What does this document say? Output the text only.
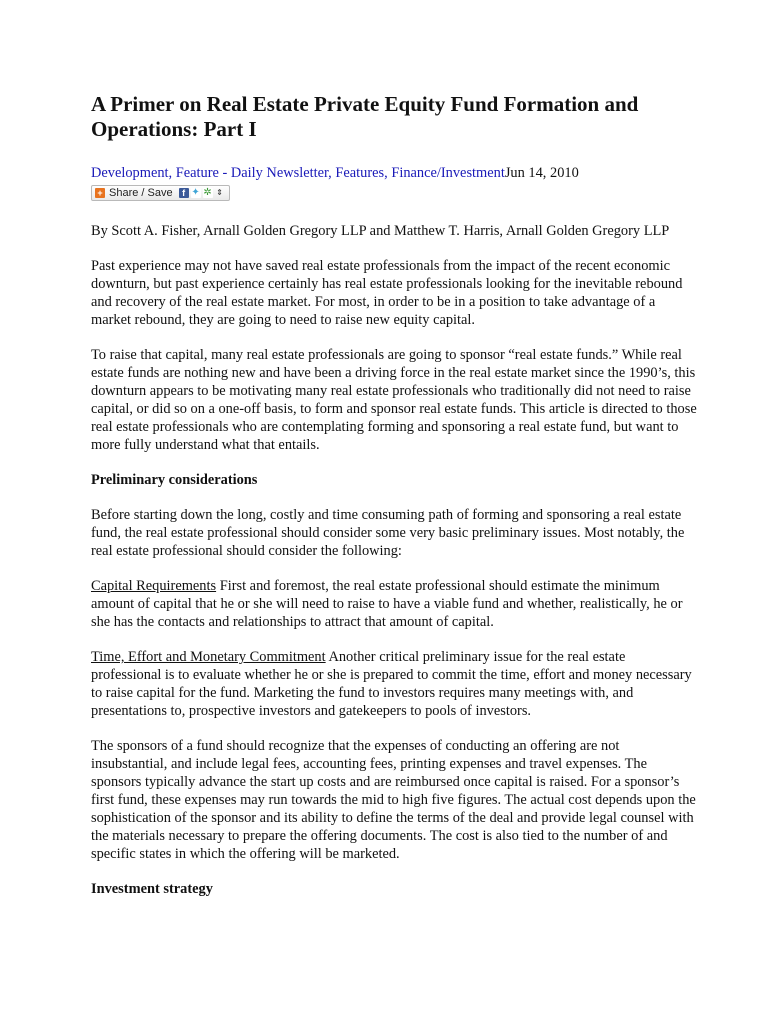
A Primer on Real Estate Private Equity Fund Formation and Operations: Part I
Development, Feature - Daily Newsletter, Features, Finance/InvestmentJun 14, 2010
+ Share / Save	f ✦ ✲ ⇕

By Scott A. Fisher, Arnall Golden Gregory LLP and Matthew T. Harris, Arnall Golden Gregory LLP

Past experience may not have saved real estate professionals from the impact of the recent economic downturn, but past experience certainly has real estate professionals looking for the inevitable rebound and recovery of the real estate market. For most, in order to be in a position to take advantage of a market rebound, they are going to need to raise new equity capital.

To raise that capital, many real estate professionals are going to sponsor “real estate funds.” While real estate funds are nothing new and have been a driving force in the real estate market since the 1990’s, this downturn appears to be motivating many real estate professionals who traditionally did not need to raise capital, or did so on a one-off basis, to form and sponsor real estate funds. This article is directed to those real estate professionals who are contemplating forming and sponsoring a real estate fund, but want to more fully understand what that entails.

Preliminary considerations

Before starting down the long, costly and time consuming path of forming and sponsoring a real estate fund, the real estate professional should consider some very basic preliminary issues. Most notably, the real estate professional should consider the following:

Capital Requirements First and foremost, the real estate professional should estimate the minimum amount of capital that he or she will need to raise to have a viable fund and whether, realistically, he or she has the contacts and relationships to attract that amount of capital.

Time, Effort and Monetary Commitment Another critical preliminary issue for the real estate professional is to evaluate whether he or she is prepared to commit the time, effort and money necessary to raise capital for the fund. Marketing the fund to investors requires many meetings with, and presentations to, prospective investors and gatekeepers to pools of investors.

The sponsors of a fund should recognize that the expenses of conducting an offering are not insubstantial, and include legal fees, accounting fees, printing expenses and travel expenses. The sponsors typically advance the start up costs and are reimbursed once capital is raised. For a sponsor’s first fund, these expenses may run towards the mid to high five figures. The actual cost depends upon the sophistication of the sponsor and its ability to define the terms of the deal and provide legal counsel with the materials necessary to prepare the offering documents. The cost is also tied to the number of and specific states in which the offering will be marketed.

Investment strategy
